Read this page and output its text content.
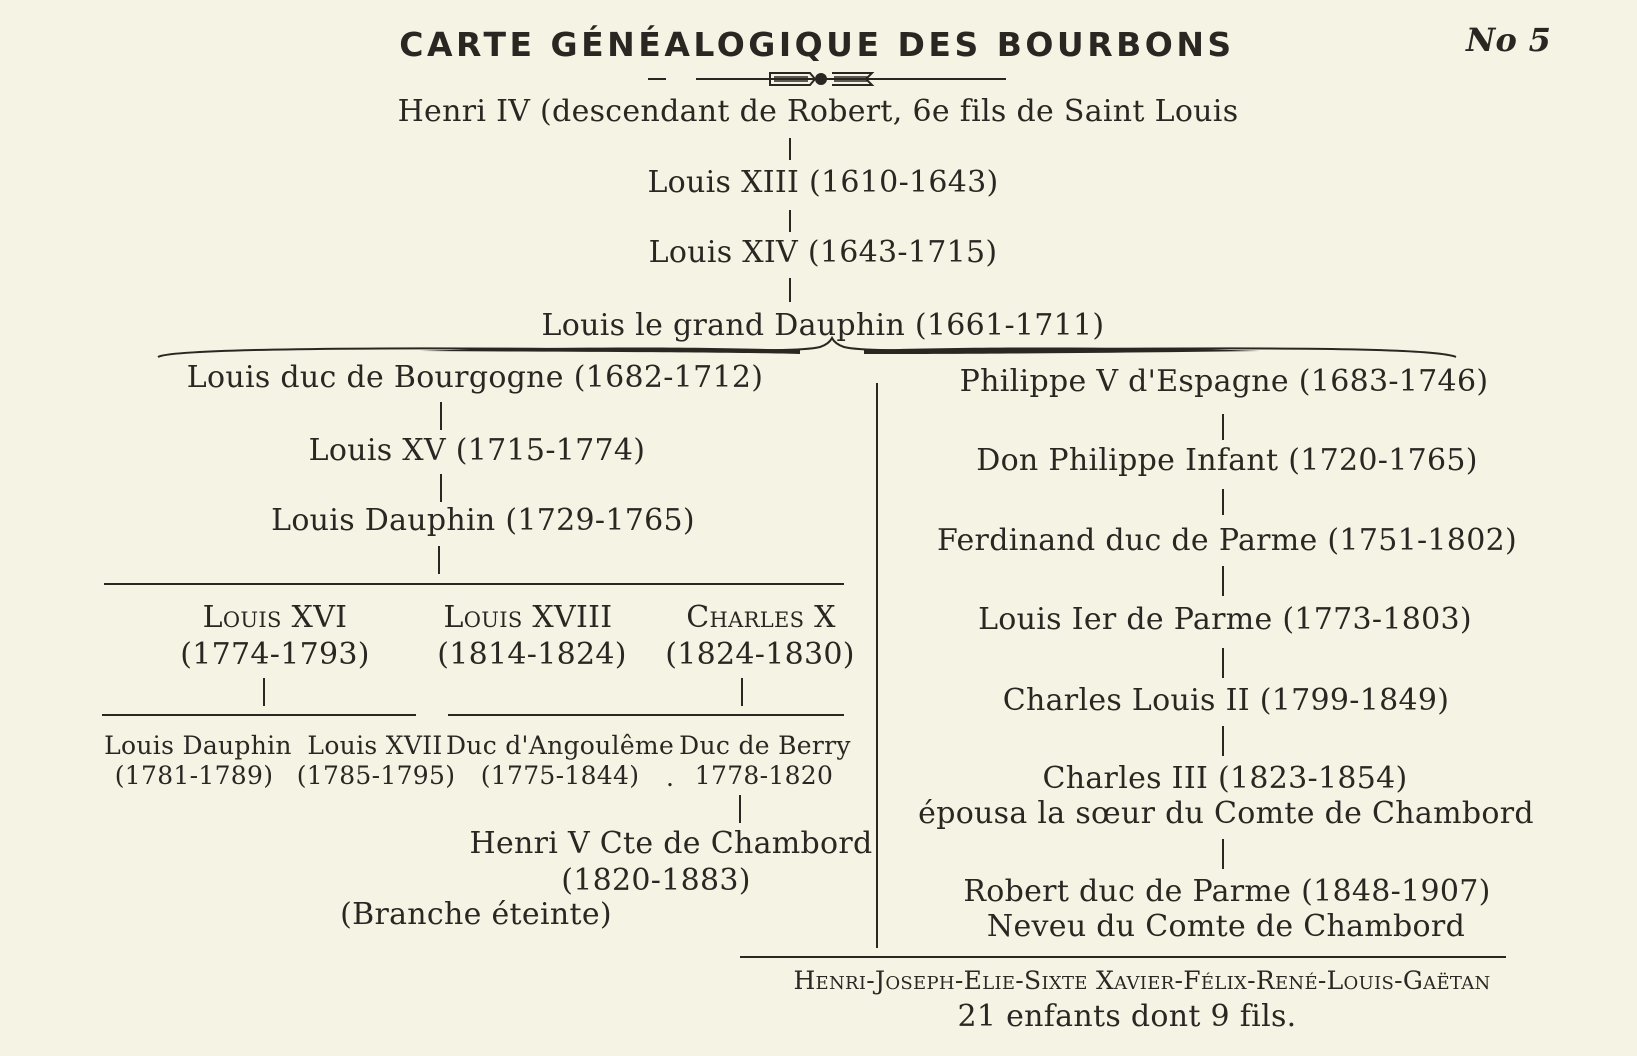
CARTE GÉNÉALOGIQUE DES BOURBONS	No 5
Henri IV (descendant de Robert, 6e fils de Saint Louis
Louis XIII (1610-1643)
Louis XIV (1643-1715)
Louis le grand Dauphin (1661-1711)
Louis duc de Bourgogne (1682-1712)
Louis XV (1715-1774)
Louis Dauphin (1729-1765)
Louis XVI
(1774-1793)
Louis XVIII
(1814-1824)
Charles X
(1824-1830)
Louis Dauphin
(1781-1789)
Louis XVII
(1785-1795)
Duc d'Angoulême
(1775-1844)
Duc de Berry
. 1778-1820
Henri V Cte de Chambord
(1820-1883)
(Branche éteinte)
Philippe V d'Espagne (1683-1746)
Don Philippe Infant (1720-1765)
Ferdinand duc de Parme (1751-1802)
Louis Ier de Parme (1773-1803)
Charles Louis II (1799-1849)
Charles III (1823-1854)
épousa la sœur du Comte de Chambord
Robert duc de Parme (1848-1907)
Neveu du Comte de Chambord
Henri-Joseph-Elie-Sixte Xavier-Félix-René-Louis-Gaëtan
21 enfants dont 9 fils.
